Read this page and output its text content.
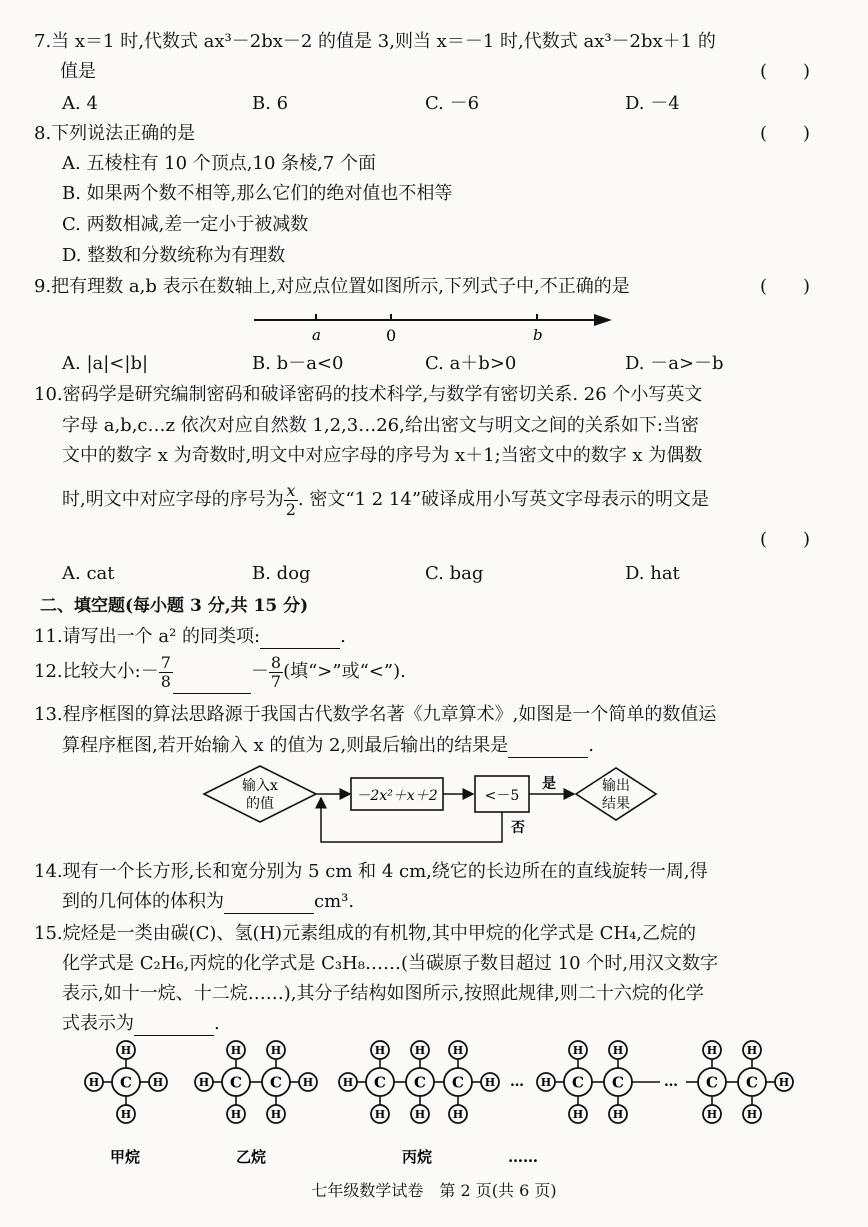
7.当 x＝1 时,代数式 ax³－2bx－2 的值是 3,则当 x＝－1 时,代数式 ax³－2bx＋1 的
值是	(　　)
A. 4	B. 6	C. －6	D. －4
8.下列说法正确的是	(　　)
A. 五棱柱有 10 个顶点,10 条棱,7 个面
B. 如果两个数不相等,那么它们的绝对值也不相等
C. 两数相减,差一定小于被减数
D. 整数和分数统称为有理数
9.把有理数 a,b 表示在数轴上,对应点位置如图所示,下列式子中,不正确的是	(　　)
a	0	b
A. |a|<|b|	B. b－a<0	C. a＋b>0	D. －a>－b
10.密码学是研究编制密码和破译密码的技术科学,与数学有密切关系. 26 个小写英文
字母 a,b,c…z 依次对应自然数 1,2,3…26,给出密文与明文之间的关系如下:当密
文中的数字 x 为奇数时,明文中对应字母的序号为 x＋1;当密文中的数字 x 为偶数
时,明文中对应字母的序号为 $\frac{x}{2}$ . 密文“1 2 14”破译成用小写英文字母表示的明文是
(　　)
A. cat	B. dog	C. bag	D. hat
二、填空题(每小题 3 分,共 15 分)
11.请写出一个 a² 的同类项:	.
12.比较大小:－ $\frac{7}{8}$	－ $\frac{8}{7}$ (填“>”或“<”).
13.程序框图的算法思路源于我国古代数学名著《九章算术》,如图是一个简单的数值运
算程序框图,若开始输入 x 的值为 2,则最后输出的结果是	.
输入x
的值	－2x²＋x＋2	<－5
是	输出
结果
否
14.现有一个长方形,长和宽分别为 5 cm 和 4 cm,绕它的长边所在的直线旋转一周,得
到的几何体的体积为	cm³.
15.烷烃是一类由碳(C)、氢(H)元素组成的有机物,其中甲烷的化学式是 CH₄,乙烷的
化学式是 C₂H₆,丙烷的化学式是 C₃H₈……(当碳原子数目超过 10 个时,用汉文数字
表示,如十一烷、十二烷……),其分子结构如图所示,按照此规律,则二十六烷的化学
式表示为	.
H	H
H
H
C	H	H
H
H
C
H
H
C	H	H
H
H
C
H
H
C
H
H
C	… H
H
H
C
H
H
C	…	H
H
H
C
H
H
C
甲烷	乙烷	丙烷	……
七年级数学试卷　第 2 页(共 6 页)
